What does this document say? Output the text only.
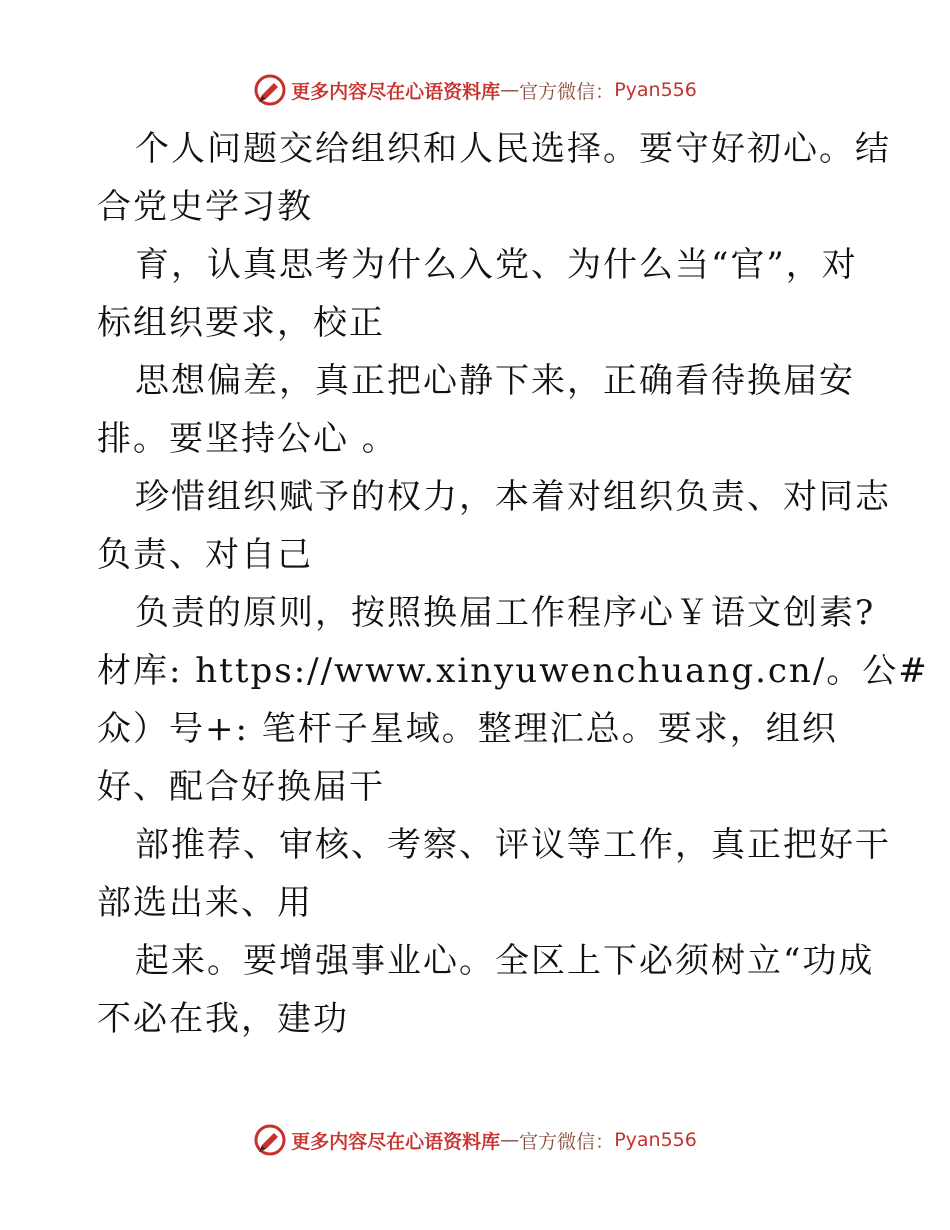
更多内容尽在心语资料库 — 官方微信： Pyan556
个人问题交给组织和人民选择。要守好初心。结
合党史学习教
育，认真思考为什么入党、为什么当“官”，对
标组织要求，校正
思想偏差，真正把心静下来，正确看待换届安
排。要坚持公心 。
珍惜组织赋予的权力，本着对组织负责、对同志
负责、对自己
负责的原则，按照换届工作程序心￥语文创素?
材库: https://www.xinyuwenchuang.cn/。公#
众）号+: 笔杆子星域。整理汇总。要求，组织
好、配合好换届干
部推荐、审核、考察、评议等工作，真正把好干
部选出来、用
起来。要增强事业心。全区上下必须树立“功成
不必在我，建功
更多内容尽在心语资料库 — 官方微信： Pyan556
